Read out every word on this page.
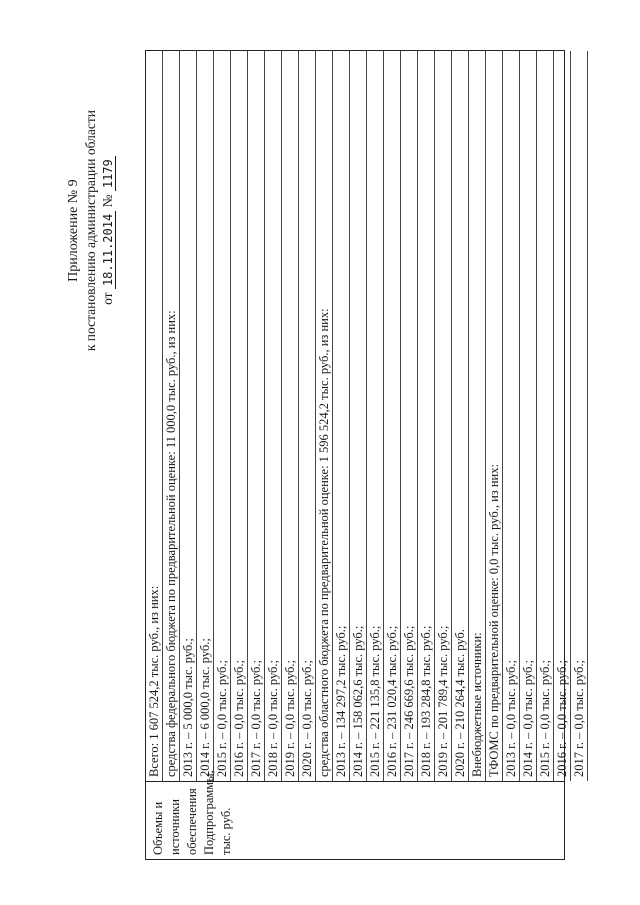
Приложение № 9 к постановлению администрации области от 18.11.2014 № 1179
Объемы и источники обеспечения Подпрограммы, тыс. руб.
Всего: 1 607 524,2 тыс. руб., из них: средства федерального бюджета по предварительной оценке: 11 000,0 тыс. руб., из них: 2013 г. – 5 000,0 тыс. руб.; 2014 г. – 6 000,0 тыс. руб.; 2015 г. – 0,0 тыс. руб.; 2016 г. – 0,0 тыс. руб.; 2017 г. – 0,0 тыс. руб.; 2018 г. – 0,0 тыс. руб.; 2019 г. – 0,0 тыс. руб.; 2020 г. – 0,0 тыс. руб.; средства областного бюджета по предварительной оценке: 1 596 524,2 тыс. руб., из них: 2013 г. – 134 297,2 тыс. руб.; 2014 г. – 158 062,6 тыс. руб.; 2015 г. – 221 135,8 тыс. руб.; 2016 г. – 231 020,4 тыс. руб.; 2017 г. – 246 669,6 тыс. руб.; 2018 г. – 193 284,8 тыс. руб.; 2019 г. – 201 789,4 тыс. руб.; 2020 г. – 210 264,4 тыс. руб. Внебюджетные источники: ТФОМС по предварительной оценке: 0,0 тыс. руб., из них: 2013 г. – 0,0 тыс. руб.; 2014 г. – 0,0 тыс. руб.; 2015 г. – 0,0 тыс. руб.; 2016 г. – 0,0 тыс. руб.; 2017 г. – 0,0 тыс. руб.;
